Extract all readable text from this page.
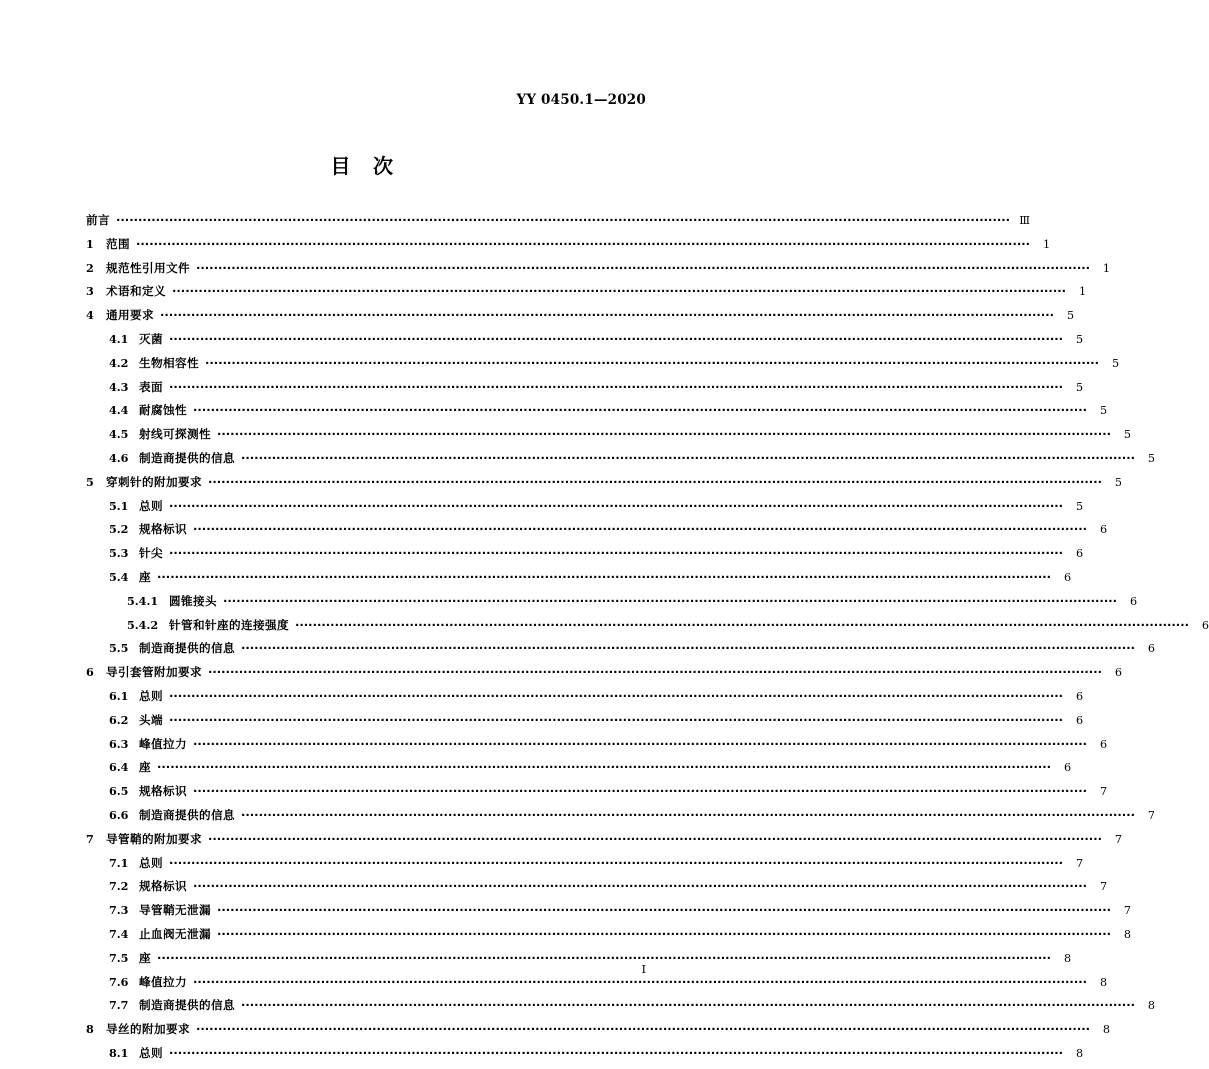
YY 0450.1—2020
目 次
前言 ·····	Ⅲ
1	范围 ·····	1
2	规范性引用文件 ·····	1
3	术语和定义 ·····	1
4	通用要求 ·····	5
4.1 灭菌 ·····	5
4.2 生物相容性 ·····	5
4.3 表面 ·····	5
4.4 耐腐蚀性 ·····	5
4.5 射线可探测性 ·····	5
4.6 制造商提供的信息 ·····	5
5	穿刺针的附加要求 ·····	5
5.1 总则 ·····	5
5.2 规格标识 ·····	6
5.3 针尖 ·····	6
5.4 座 ·····	6
5.4.1 圆锥接头 ·····	6
5.4.2 针管和针座的连接强度 ·····	6
5.5 制造商提供的信息 ·····	6
6	导引套管附加要求 ·····	6
6.1 总则 ·····	6
6.2 头端 ·····	6
6.3 峰值拉力 ·····	6
6.4 座 ·····	6
6.5 规格标识 ·····	7
6.6 制造商提供的信息 ·····	7
7	导管鞘的附加要求 ·····	7
7.1 总则 ·····	7
7.2 规格标识 ·····	7
7.3 导管鞘无泄漏 ·····	7
7.4 止血阀无泄漏 ·····	8
7.5 座 ·····	8
7.6 峰值拉力 ·····	8
7.7 制造商提供的信息 ·····	8
8	导丝的附加要求 ·····	8
8.1 总则 ·····	8
I
